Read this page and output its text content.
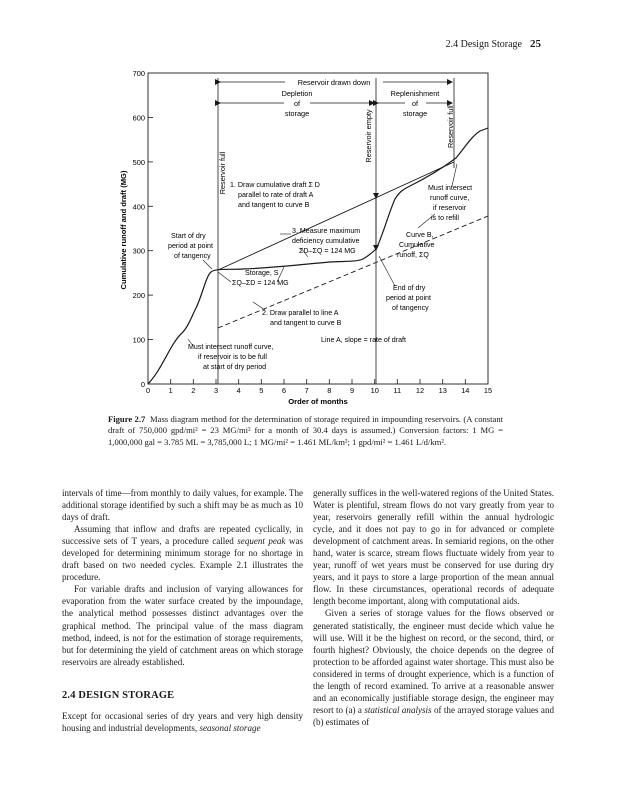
2.4 Design Storage 25
0
100
200
300
400
500
600
700
0	1 2	3	4 5	6	7 8	9 10 11 12 13 14 15
Order of months
Cumulative runoff and draft (MG)
Reservoir drawn down
Depletion
of
storage
Replenishment
of
storage
Reservoir full
Reservoir empty	Reservoir full
1. Draw cumulative draft Σ D
parallel to rate of draft A
and tangent to curve B
3. Measure maximum
deficiency cumulative
ΣD–ΣQ = 124 MG
Start of dry
period at point
of tangency
Storage, S
ΣQ–ΣD = 124 MG
2. Draw parallel to line A
and tangent to curve B
Must intersect runoff curve,
if reservoir is to be full
at start of dry period
Line A, slope = rate of draft
End of dry
period at point
of tangency
Curve B,
Cumulative
runoff, ΣQ
Must intersect
runoff curve,
if reservoir
is to refill
Figure 2.7 Mass diagram method for the determination of storage required in impounding reservoirs. (A constant draft of 750,000 gpd/mi² = 23 MG/mi² for a month of 30.4 days is assumed.) Conversion factors: 1 MG = 1,000,000 gal = 3.785 ML = 3,785,000 L; 1 MG/mi² = 1.461 ML/km²; 1 gpd/mi² = 1.461 L/d/km².

intervals of time—from monthly to daily values, for example. The additional storage identified by such a shift may be as much as 10 days of draft.

Assuming that inflow and drafts are repeated cyclically, in successive sets of T years, a procedure called sequent peak was developed for determining minimum storage for no shortage in draft based on two needed cycles. Example 2.1 illustrates the procedure.

For variable drafts and inclusion of varying allowances for evaporation from the water surface created by the impoundage, the analytical method possesses distinct advantages over the graphical method. The principal value of the mass diagram method, indeed, is not for the estimation of storage requirements, but for determining the yield of catchment areas on which storage reservoirs are already established.

2.4 DESIGN STORAGE

Except for occasional series of dry years and very high density housing and industrial developments, seasonal storage

generally suffices in the well-watered regions of the United States. Water is plentiful, stream flows do not vary greatly from year to year, reservoirs generally refill within the annual hydrologic cycle, and it does not pay to go in for advanced or complete development of catchment areas. In semiarid regions, on the other hand, water is scarce, stream flows fluctuate widely from year to year, runoff of wet years must be conserved for use during dry years, and it pays to store a large proportion of the mean annual flow. In these circumstances, operational records of adequate length become important, along with computational aids.

Given a series of storage values for the flows observed or generated statistically, the engineer must decide which value he will use. Will it be the highest on record, or the second, third, or fourth highest? Obviously, the choice depends on the degree of protection to be afforded against water shortage. This must also be considered in terms of drought experience, which is a function of the length of record examined. To arrive at a reasonable answer and an economically justifiable storage design, the engineer may resort to (a) a statistical analysis of the arrayed storage values and (b) estimates of
